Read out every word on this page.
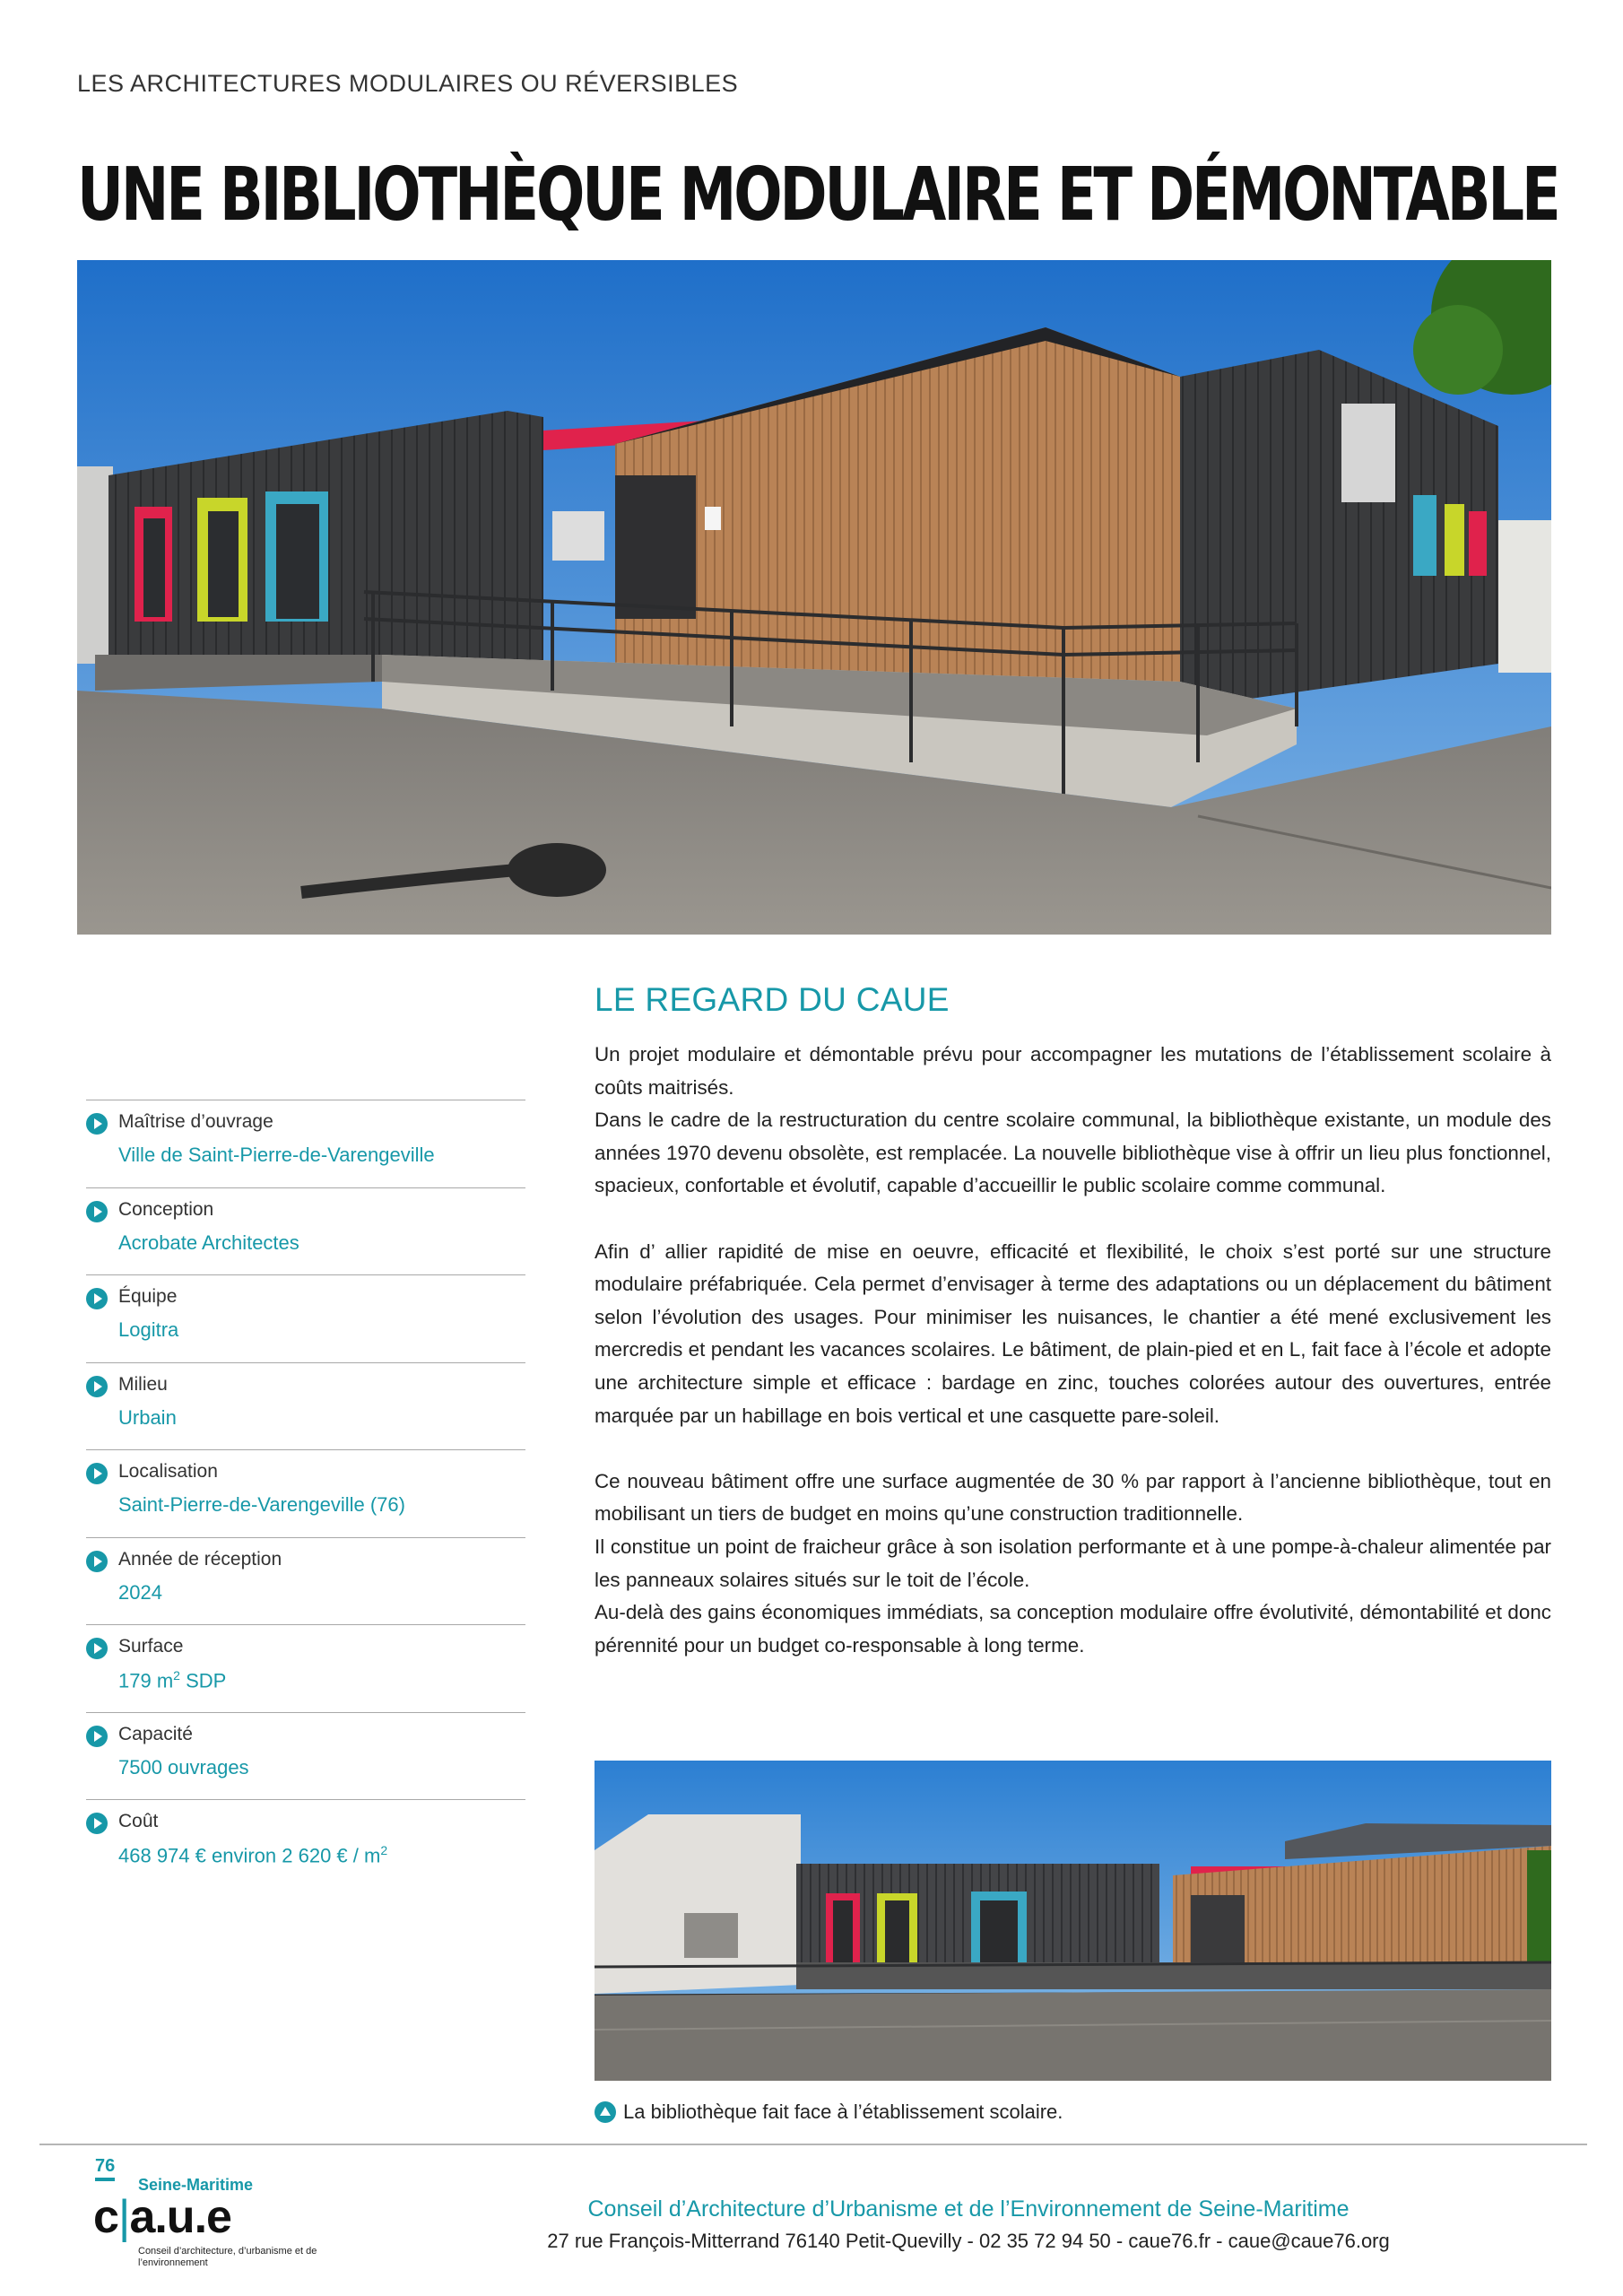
LES ARCHITECTURES MODULAIRES OU RÉVERSIBLES
UNE BIBLIOTHÈQUE MODULAIRE ET DÉMONTABLE
Maîtrise d’ouvrage
Ville de Saint-Pierre-de-Varengeville
Conception
Acrobate Architectes
Équipe
Logitra
Milieu
Urbain
Localisation
Saint-Pierre-de-Varengeville (76)
Année de réception
2024
Surface
179 $m^2$ SDP
Capacité
7500 ouvrages
Coût
468 974 € environ 2 620 € / $m^2$
LE REGARD DU CAUE

Un projet modulaire et démontable prévu pour accompagner les mutations de l’établissement scolaire à coûts maitrisés.

Dans le cadre de la restructuration du centre scolaire communal, la bibliothèque existante, un module des années 1970 devenu obsolète, est remplacée. La nouvelle bibliothèque vise à offrir un lieu plus fonctionnel, spacieux, confortable et évolutif, capable d’accueillir le public scolaire comme communal.

Afin d’ allier rapidité de mise en oeuvre, efficacité et flexibilité, le choix s’est porté sur une structure modulaire préfabriquée. Cela permet d’envisager à terme des adaptations ou un déplacement du bâtiment selon l’évolution des usages. Pour minimiser les nuisances, le chantier a été mené exclusivement les mercredis et pendant les vacances scolaires. Le bâtiment, de plain-pied et en L, fait face à l’école et adopte une architecture simple et efficace : bardage en zinc, touches colorées autour des ouvertures, entrée marquée par un habillage en bois vertical et une casquette pare-soleil.

Ce nouveau bâtiment offre une surface augmentée de 30 % par rapport à l’ancienne bibliothèque, tout en mobilisant un tiers de budget en moins qu’une construction traditionnelle.

Il constitue un point de fraicheur grâce à son isolation performante et à une pompe-à-chaleur alimentée par les panneaux solaires situés sur le toit de l’école.

Au-delà des gains économiques immédiats, sa conception modulaire offre évolutivité, démontabilité et donc pérennité pour un budget co-responsable à long terme.

La bibliothèque fait face à l’établissement scolaire.
76
Seine-Maritime
c|a.u.e
Conseil d’architecture, d’urbanisme et de l’environnement
Conseil d’Architecture d’Urbanisme et de l’Environnement de Seine-Maritime
27 rue François-Mitterrand 76140 Petit-Quevilly - 02 35 72 94 50 - caue76.fr - caue@caue76.org
